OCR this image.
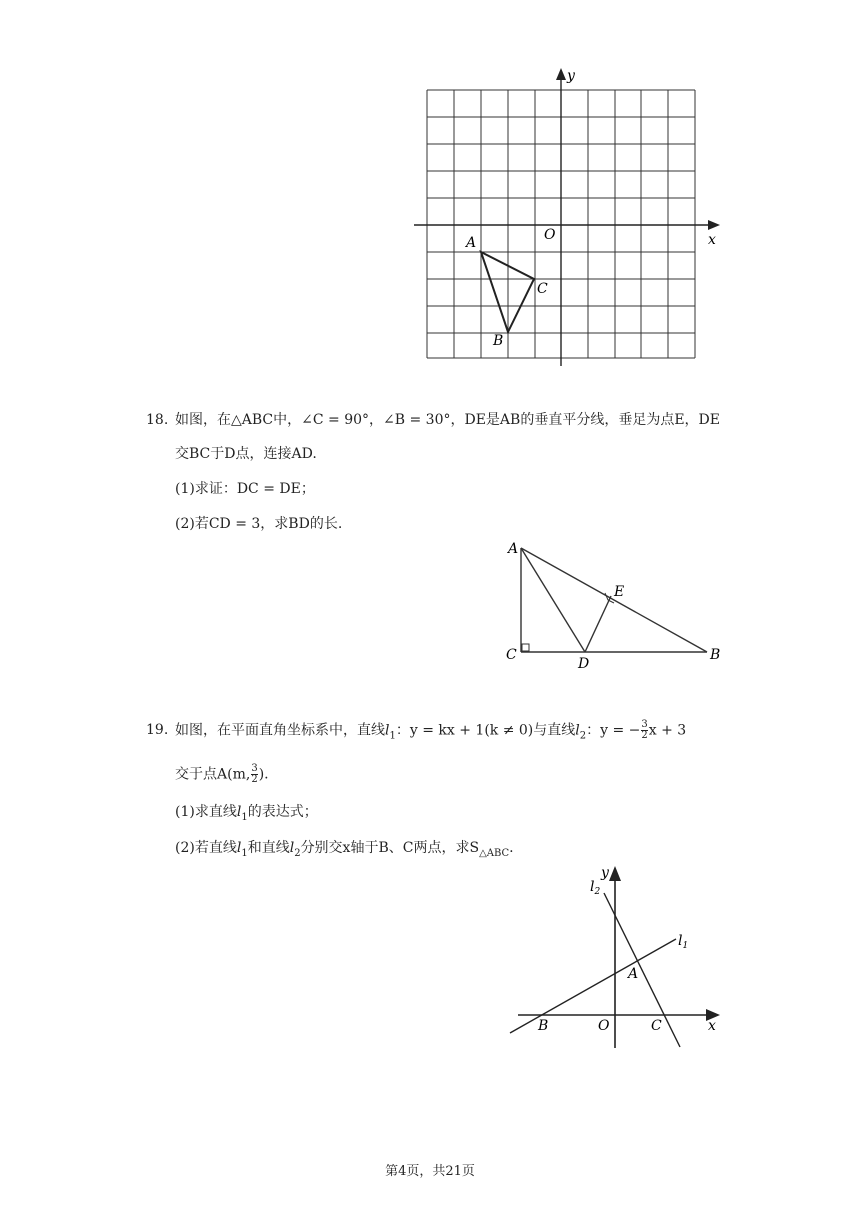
y
x
O
A
C
B
18. 如图，在△ABC中，∠C = 90°，∠B = 30°，DE是AB的垂直平分线，垂足为点E，DE
交BC于D点，连接AD.
(1)求证：DC = DE；
(2)若CD = 3，求BD的长.
A
E
C
D
B
19. 如图，在平面直角坐标系中，直线$l_1$：y = kx + 1(k ≠ 0)与直线$l_2$：y = − $\frac{3}{2}$ x + 3
交于点A(m, $\frac{3}{2}$ ).
(1)求直线$l_1$的表达式；
(2)若直线$l_1$和直线$l_2$分别交x轴于B、C两点，求$S_{\triangle ABC}$.
y
$l_2$
$l_1$
A
B	O	C	x
第4页，共21页
